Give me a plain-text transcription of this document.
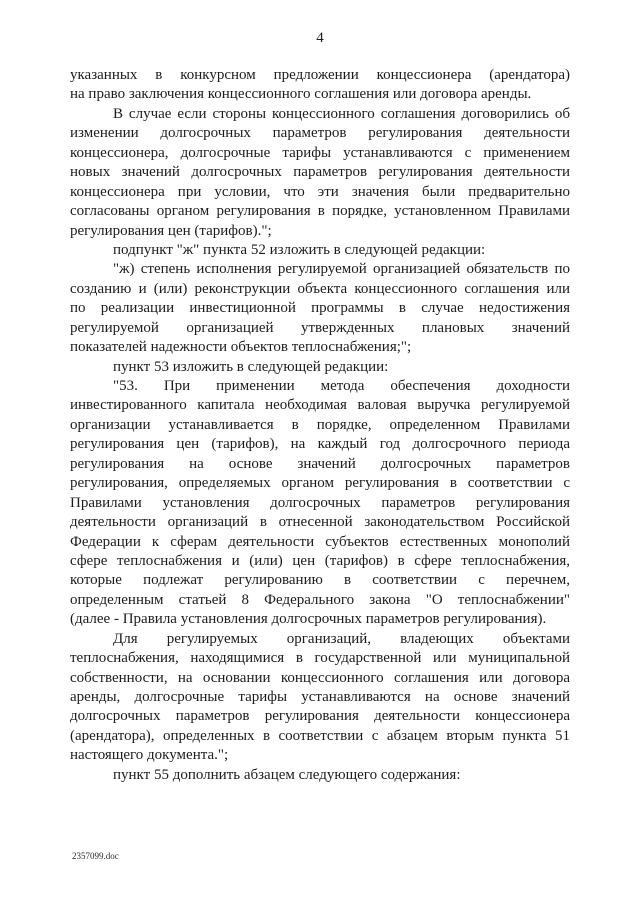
4
указанных в конкурсном предложении концессионера (арендатора)
на право заключения концессионного соглашения или договора аренды.
В случае если стороны концессионного соглашения договорились об
изменении долгосрочных параметров регулирования деятельности
концессионера, долгосрочные тарифы устанавливаются с применением
новых значений долгосрочных параметров регулирования деятельности
концессионера при условии, что эти значения были предварительно
согласованы органом регулирования в порядке, установленном Правилами
регулирования цен (тарифов).";
подпункт "ж" пункта 52 изложить в следующей редакции:
"ж) степень исполнения регулируемой организацией обязательств по
созданию и (или) реконструкции объекта концессионного соглашения или
по реализации инвестиционной программы в случае недостижения
регулируемой организацией утвержденных плановых значений
показателей надежности объектов теплоснабжения;";
пункт 53 изложить в следующей редакции:
"53. При применении метода обеспечения доходности
инвестированного капитала необходимая валовая выручка регулируемой
организации устанавливается в порядке, определенном Правилами
регулирования цен (тарифов), на каждый год долгосрочного периода
регулирования на основе значений долгосрочных параметров
регулирования, определяемых органом регулирования в соответствии с
Правилами установления долгосрочных параметров регулирования
деятельности организаций в отнесенной законодательством Российской
Федерации к сферам деятельности субъектов естественных монополий
сфере теплоснабжения и (или) цен (тарифов) в сфере теплоснабжения,
которые подлежат регулированию в соответствии с перечнем,
определенным статьей 8 Федерального закона "О теплоснабжении"
(далее - Правила установления долгосрочных параметров регулирования).
Для регулируемых организаций, владеющих объектами
теплоснабжения, находящимися в государственной или муниципальной
собственности, на основании концессионного соглашения или договора
аренды, долгосрочные тарифы устанавливаются на основе значений
долгосрочных параметров регулирования деятельности концессионера
(арендатора), определенных в соответствии с абзацем вторым пункта 51
настоящего документа.";
пункт 55 дополнить абзацем следующего содержания:
2357099.doc
